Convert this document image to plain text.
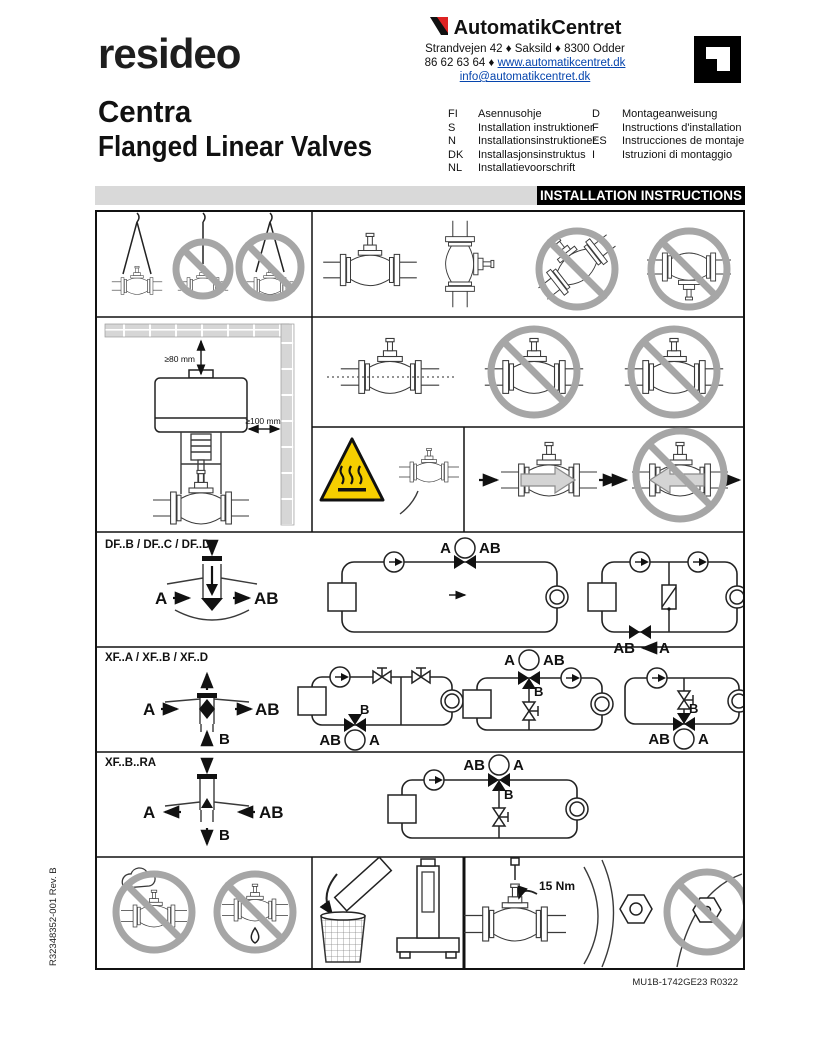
resideo
AutomatikCentret
Strandvejen 42 ♦ Saksild ♦ 8300 Odder
86 62 63 64 ♦ www.automatikcentret.dk
info@automatikcentret.dk
Centra
Flanged Linear Valves
FI	Asennusohje
S	Installation instruktioner
N	Installationsinstruktioner
DK	Installasjonsinstruktus
NL	Installatievoorschrift
D	Montageanweisung
F	Instructions d'installation
ES	Instrucciones de montaje
I	Istruzioni di montaggio
INSTALLATION INSTRUCTIONS
≥80 mm
≥100 mm
DF..B / DF..C / DF..D
A	AB
A AB
AB A
XF..A / XF..B / XF..D
B
A	AB
AB A
B
A AB
B
AB A
B
XF..B..RA
B
A	AB
AB A
B
15 Nm
R32348352-001 Rev. B
MU1B-1742GE23 R0322
